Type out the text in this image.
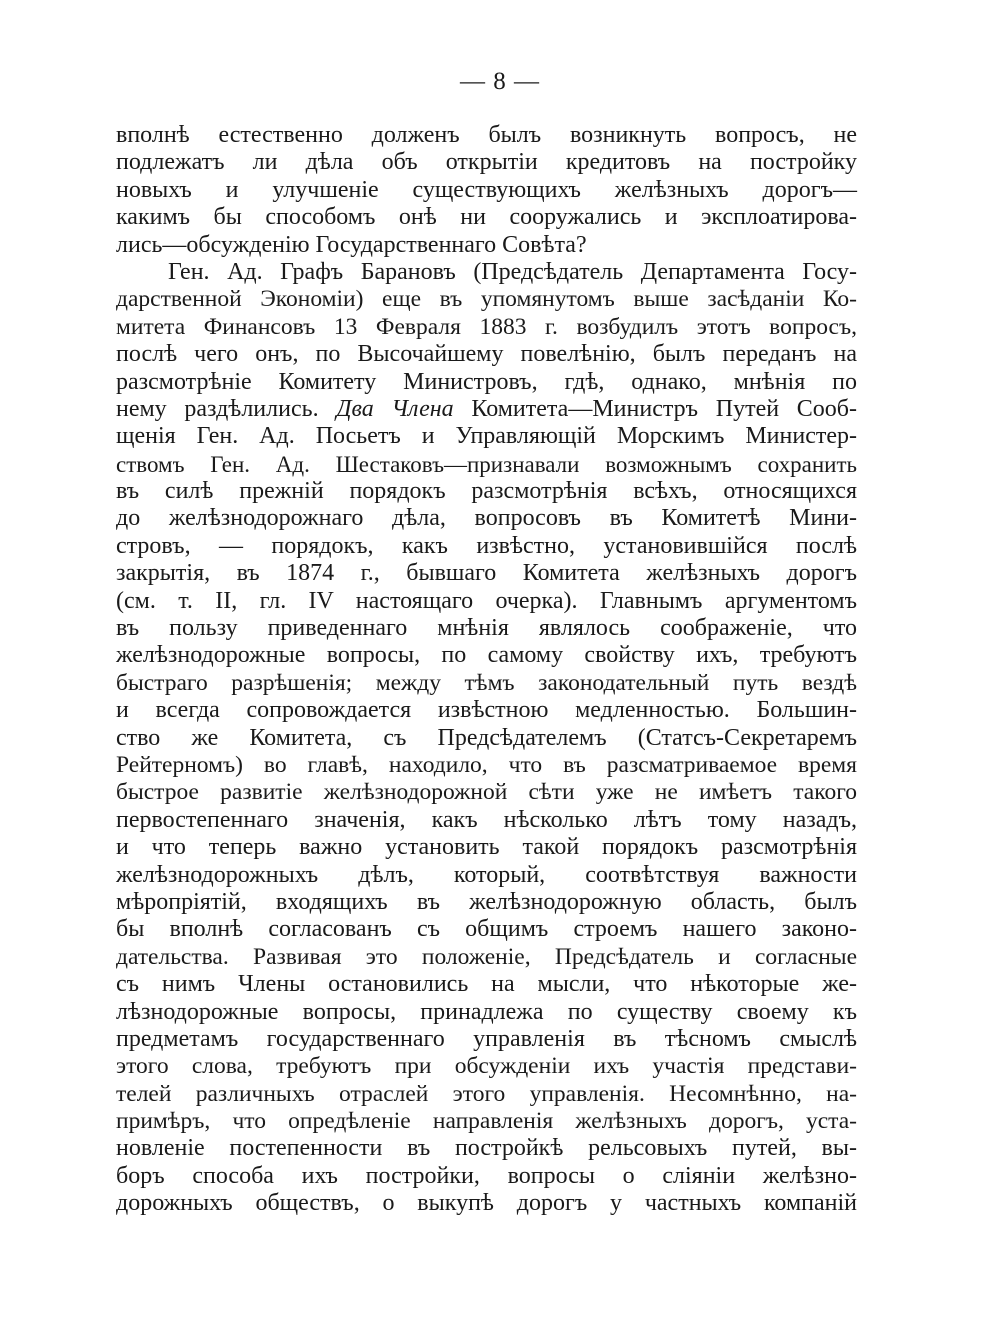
— 8 —
вполнѣ естественно долженъ былъ возникнуть вопросъ, не
подлежатъ ли дѣла объ открытіи кредитовъ на постройку
новыхъ и улучшеніе существующихъ желѣзныхъ дорогъ—
какимъ бы способомъ онѣ ни сооружались и эксплоатирова-
лись—обсужденію Государственнаго Совѣта?
Ген. Ад. Графъ Барановъ (Предсѣдатель Департамента Госу-
дарственной Экономіи) еще въ упомянутомъ выше засѣданіи Ко-
митета Финансовъ 13 Февраля 1883 г. возбудилъ этотъ вопросъ,
послѣ чего онъ, по Высочайшему повелѣнію, былъ переданъ на
разсмотрѣніе Комитету Министровъ, гдѣ, однако, мнѣнія по
нему раздѣлились. Два Члена Комитета—Министръ Путей Сооб-
щенія Ген. Ад. Посьетъ и Управляющій Морскимъ Министер-
ствомъ Ген. Ад. Шестаковъ—признавали возможнымъ сохранить
въ силѣ прежній порядокъ разсмотрѣнія всѣхъ, относящихся
до желѣзнодорожнаго дѣла, вопросовъ въ Комитетѣ Мини-
стровъ, — порядокъ, какъ извѣстно, установившійся послѣ
закрытія, въ 1874 г., бывшаго Комитета желѣзныхъ дорогъ
(см. т. II, гл. IV настоящаго очерка). Главнымъ аргументомъ
въ пользу приведеннаго мнѣнія являлось соображеніе, что
желѣзнодорожные вопросы, по самому свойству ихъ, требуютъ
быстраго разрѣшенія; между тѣмъ законодательный путь вездѣ
и всегда сопровождается извѣстною медленностью. Большин-
ство же Комитета, съ Предсѣдателемъ (Статсъ-Секретаремъ
Рейтерномъ) во главѣ, находило, что въ разсматриваемое время
быстрое развитіе желѣзнодорожной сѣти уже не имѣетъ такого
первостепеннаго значенія, какъ нѣсколько лѣтъ тому назадъ,
и что теперь важно установить такой порядокъ разсмотрѣнія
желѣзнодорожныхъ дѣлъ, который, соотвѣтствуя важности
мѣропріятій, входящихъ въ желѣзнодорожную область, былъ
бы вполнѣ согласованъ съ общимъ строемъ нашего законо-
дательства. Развивая это положеніе, Предсѣдатель и согласные
съ нимъ Члены остановились на мысли, что нѣкоторые же-
лѣзнодорожные вопросы, принадлежа по существу своему къ
предметамъ государственнаго управленія въ тѣсномъ смыслѣ
этого слова, требуютъ при обсужденіи ихъ участія представи-
телей различныхъ отраслей этого управленія. Несомнѣнно, на-
примѣръ, что опредѣленіе направленія желѣзныхъ дорогъ, уста-
новленіе постепенности въ постройкѣ рельсовыхъ путей, вы-
боръ способа ихъ постройки, вопросы о сліяніи желѣзно-
дорожныхъ обществъ, о выкупѣ дорогъ у частныхъ компаній
